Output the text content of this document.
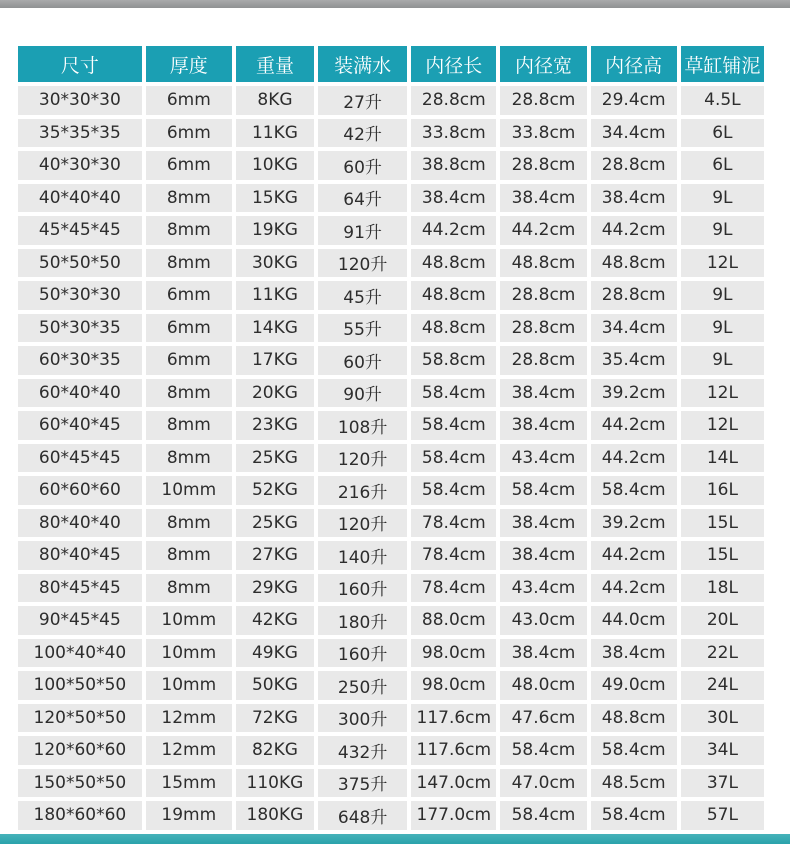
尺寸	厚度	重量	装满水	内径长	内径宽	内径高	草缸铺泥
30*30*30	6mm	8KG	27升	28.8cm	28.8cm	29.4cm	4.5L
35*35*35	6mm	11KG	42升	33.8cm	33.8cm	34.4cm	6L
40*30*30	6mm	10KG	60升	38.8cm	28.8cm	28.8cm	6L
40*40*40	8mm	15KG	64升	38.4cm	38.4cm	38.4cm	9L
45*45*45	8mm	19KG	91升	44.2cm	44.2cm	44.2cm	9L
50*50*50	8mm	30KG	120升	48.8cm	48.8cm	48.8cm	12L
50*30*30	6mm	11KG	45升	48.8cm	28.8cm	28.8cm	9L
50*30*35	6mm	14KG	55升	48.8cm	28.8cm	34.4cm	9L
60*30*35	6mm	17KG	60升	58.8cm	28.8cm	35.4cm	9L
60*40*40	8mm	20KG	90升	58.4cm	38.4cm	39.2cm	12L
60*40*45	8mm	23KG	108升	58.4cm	38.4cm	44.2cm	12L
60*45*45	8mm	25KG	120升	58.4cm	43.4cm	44.2cm	14L
60*60*60	10mm	52KG	216升	58.4cm	58.4cm	58.4cm	16L
80*40*40	8mm	25KG	120升	78.4cm	38.4cm	39.2cm	15L
80*40*45	8mm	27KG	140升	78.4cm	38.4cm	44.2cm	15L
80*45*45	8mm	29KG	160升	78.4cm	43.4cm	44.2cm	18L
90*45*45	10mm	42KG	180升	88.0cm	43.0cm	44.0cm	20L
100*40*40	10mm	49KG	160升	98.0cm	38.4cm	38.4cm	22L
100*50*50	10mm	50KG	250升	98.0cm	48.0cm	49.0cm	24L
120*50*50	12mm	72KG	300升	117.6cm	47.6cm	48.8cm	30L
120*60*60	12mm	82KG	432升	117.6cm	58.4cm	58.4cm	34L
150*50*50	15mm	110KG	375升	147.0cm	47.0cm	48.5cm	37L
180*60*60	19mm	180KG	648升	177.0cm	58.4cm	58.4cm	57L
